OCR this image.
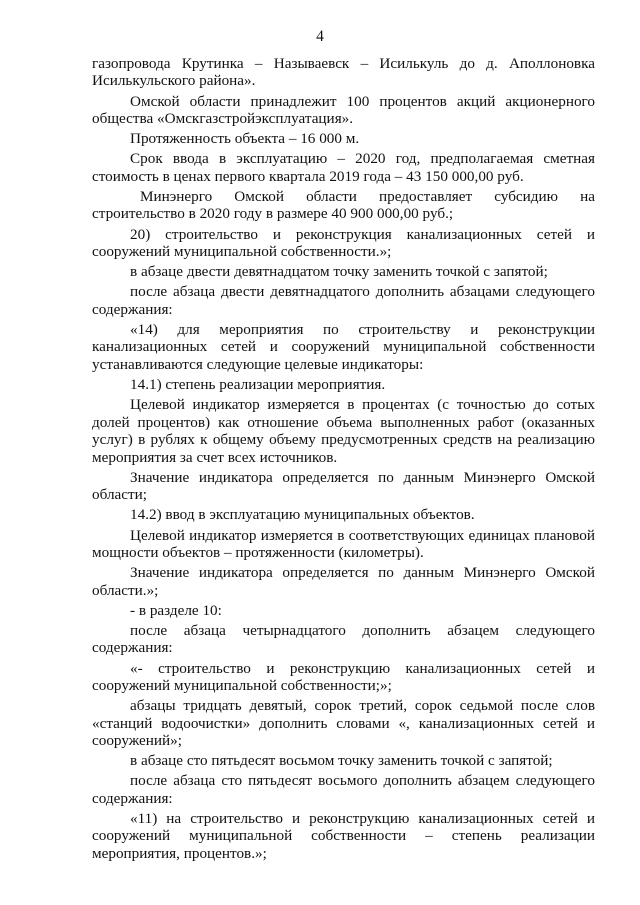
4

газопровода Крутинка – Называевск – Исилькуль до д. Аполлоновка Исилькульского района».

Омской области принадлежит 100 процентов акций акционерного общества «Омскгазстройэксплуатация».

Протяженность объекта – 16 000 м.

Срок ввода в эксплуатацию – 2020 год, предполагаемая сметная стоимость в ценах первого квартала 2019 года – 43 150 000,00 руб.

Минэнерго Омской области предоставляет субсидию на строительство в 2020 году в размере 40 900 000,00 руб.;

20) строительство и реконструкция канализационных сетей и сооружений муниципальной собственности.»;

в абзаце двести девятнадцатом точку заменить точкой с запятой;

после абзаца двести девятнадцатого дополнить абзацами следующего содержания:

«14) для мероприятия по строительству и реконструкции канализационных сетей и сооружений муниципальной собственности устанавливаются следующие целевые индикаторы:

14.1) степень реализации мероприятия.

Целевой индикатор измеряется в процентах (с точностью до сотых долей процентов) как отношение объема выполненных работ (оказанных услуг) в рублях к общему объему предусмотренных средств на реализацию мероприятия за счет всех источников.

Значение индикатора определяется по данным Минэнерго Омской области;

14.2) ввод в эксплуатацию муниципальных объектов.

Целевой индикатор измеряется в соответствующих единицах плановой мощности объектов – протяженности (километры).

Значение индикатора определяется по данным Минэнерго Омской области.»;

- в разделе 10:

после абзаца четырнадцатого дополнить абзацем следующего содержания:

«- строительство и реконструкцию канализационных сетей и сооружений муниципальной собственности;»;

абзацы тридцать девятый, сорок третий, сорок седьмой после слов «станций водоочистки» дополнить словами «, канализационных сетей и сооружений»;

в абзаце сто пятьдесят восьмом точку заменить точкой с запятой;

после абзаца сто пятьдесят восьмого дополнить абзацем следующего содержания:

«11) на строительство и реконструкцию канализационных сетей и сооружений муниципальной собственности – степень реализации мероприятия, процентов.»;
